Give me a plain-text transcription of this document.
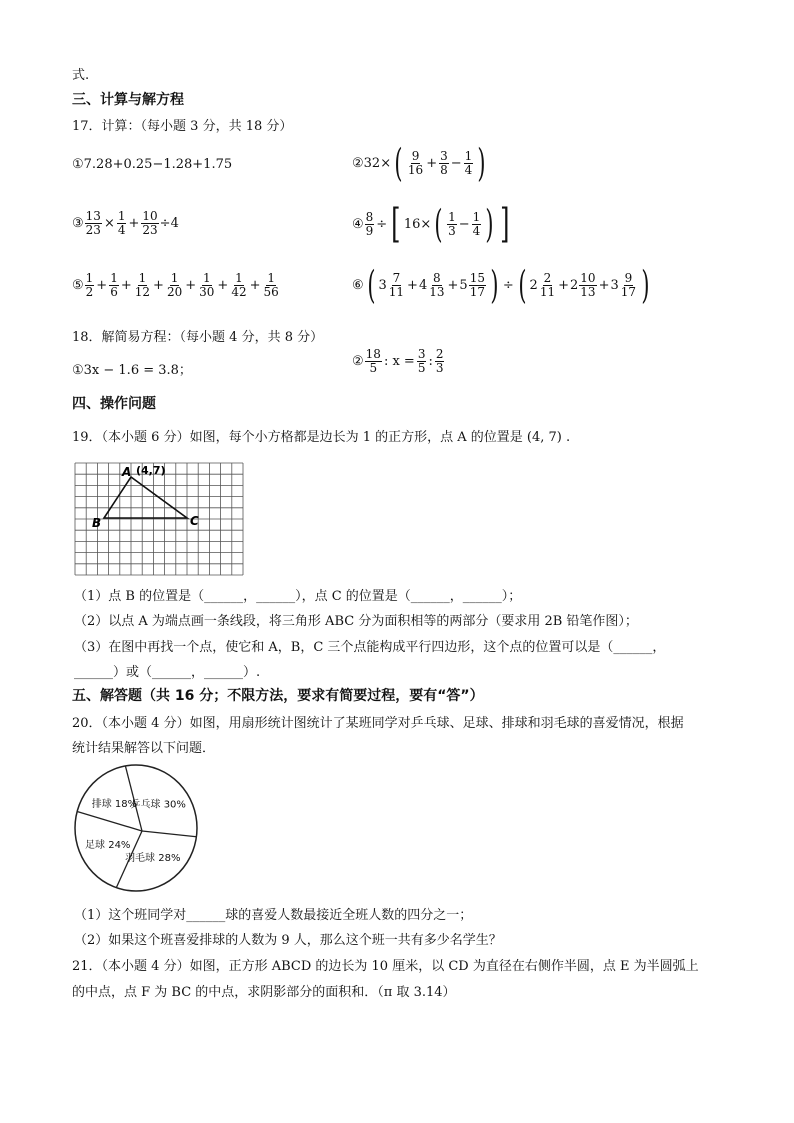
式.
三、计算与解方程
17．计算：（每小题 3 分，共 18 分）
①7.28+0.25−1.28+1.75	②32× ( $\frac{9}{16} + \frac{3}{8} - \frac{1}{4}$ )
③ $\frac{13}{23} \times \frac{1}{4} + \frac{10}{23} \div 4$	④ $\frac{8}{9}$ ÷ [ 16× ( $\frac{1}{3} - \frac{1}{4}$ ) ]
⑤ $\frac{1}{2} + \frac{1}{6} + \frac{1}{12} + \frac{1}{20} + \frac{1}{30} + \frac{1}{42} + \frac{1}{56}$	⑥ ( $3 \frac{7}{11} + 4 \frac{8}{13} + 5 \frac{15}{17}$ ) ÷ ( $2 \frac{2}{11} + 2 \frac{10}{13} + 3 \frac{9}{17}$ )
18．解简易方程：（每小题 4 分，共 8 分）
①3x − 1.6 = 3.8；
② $\frac{18}{5}$ : $x = \frac{3}{5}$ : $\frac{2}{3}$
四、操作问题
19．（本小题 6 分）如图，每个小方格都是边长为 1 的正方形，点 A 的位置是 (4, 7) .
A (4,7)
B	C
（1）点 B 的位置是（______，______），点 C 的位置是（______，______）；
（2）以点 A 为端点画一条线段，将三角形 ABC 分为面积相等的两部分（要求用 2B 铅笔作图）；
（3）在图中再找一个点，使它和 A，B，C 三个点能构成平行四边形，这个点的位置可以是（______，
______）或（______，______）.
五、解答题（共 16 分；不限方法，要求有简要过程，要有“答”）
20．（本小题 4 分）如图，用扇形统计图统计了某班同学对乒乓球、足球、排球和羽毛球的喜爱情况，根据
统计结果解答以下问题．
乒乓球 30%
羽毛球 28%
足球 24%
排球 18%
（1）这个班同学对______球的喜爱人数最接近全班人数的四分之一；
（2）如果这个班喜爱排球的人数为 9 人，那么这个班一共有多少名学生？
21．（本小题 4 分）如图，正方形 ABCD 的边长为 10 厘米，以 CD 为直径在右侧作半圆，点 E 为半圆弧上
的中点，点 F 为 BC 的中点，求阴影部分的面积和．（π 取 3.14）
